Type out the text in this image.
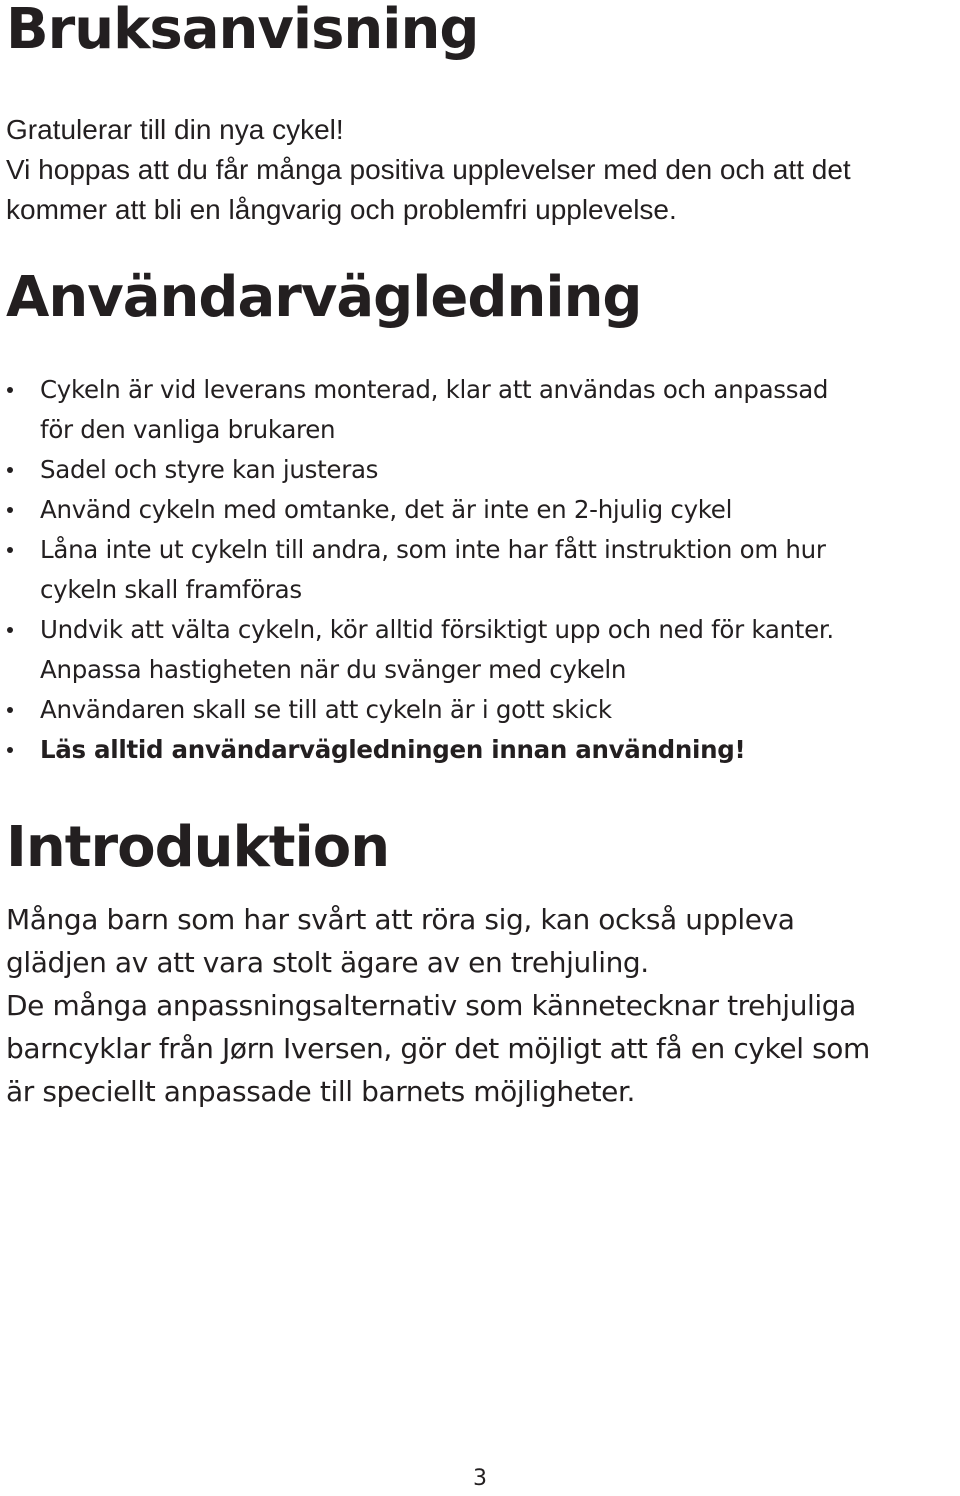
Bruksanvisning

Gratulerar till din nya cykel!
Vi hoppas att du får många positiva upplevelser med den och att det
kommer att bli en långvarig och problemfri upplevelse.

Användarvägledning
Cykeln är vid leverans monterad, klar att användas och anpassad
för den vanliga brukaren
Sadel och styre kan justeras
Använd cykeln med omtanke, det är inte en 2-hjulig cykel
Låna inte ut cykeln till andra, som inte har fått instruktion om hur
cykeln skall framföras
Undvik att välta cykeln, kör alltid försiktigt upp och ned för kanter.
Anpassa hastigheten när du svänger med cykeln
Användaren skall se till att cykeln är i gott skick
Läs alltid användarvägledningen innan användning!
Introduktion

Många barn som har svårt att röra sig, kan också uppleva
glädjen av att vara stolt ägare av en trehjuling.
De många anpassningsalternativ som kännetecknar trehjuliga
barncyklar från Jørn Iversen, gör det möjligt att få en cykel som
är speciellt anpassade till barnets möjligheter.

3
